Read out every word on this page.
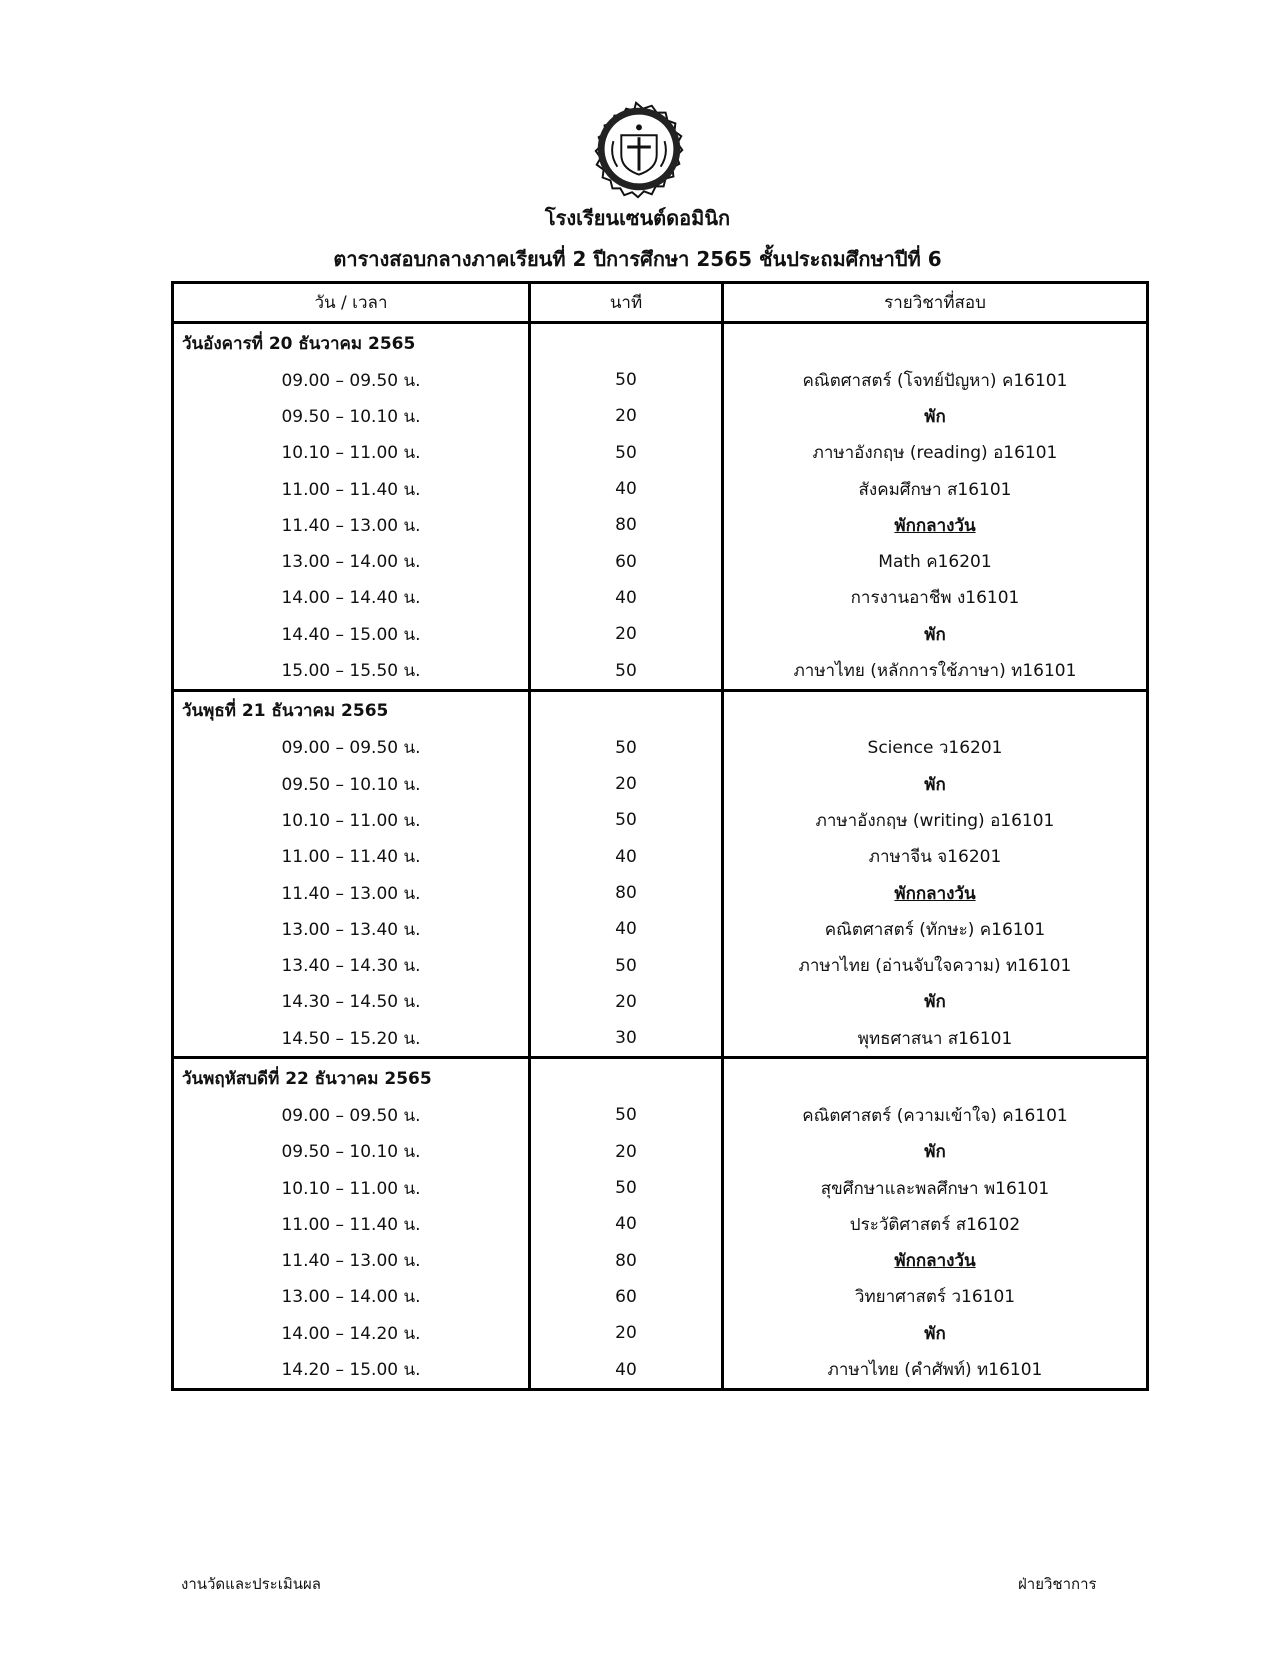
โรงเรียนเซนต์ดอมินิก
ตารางสอบกลางภาคเรียนที่ 2 ปีการศึกษา 2565 ชั้นประถมศึกษาปีที่ 6
วัน / เวลา	นาที	รายวิชาที่สอบ
วันอังคารที่ 20 ธันวาคม 2565		
09.00 – 09.50 น.	50	คณิตศาสตร์ (โจทย์ปัญหา) ค16101
09.50 – 10.10 น.	20	พัก
10.10 – 11.00 น.	50	ภาษาอังกฤษ (reading) อ16101
11.00 – 11.40 น.	40	สังคมศึกษา ส16101
11.40 – 13.00 น.	80	พักกลางวัน
13.00 – 14.00 น.	60	Math ค16201
14.00 – 14.40 น.	40	การงานอาชีพ ง16101
14.40 – 15.00 น.	20	พัก
15.00 – 15.50 น.	50	ภาษาไทย (หลักการใช้ภาษา) ท16101
วันพุธที่ 21 ธันวาคม 2565		
09.00 – 09.50 น.	50	Science ว16201
09.50 – 10.10 น.	20	พัก
10.10 – 11.00 น.	50	ภาษาอังกฤษ (writing) อ16101
11.00 – 11.40 น.	40	ภาษาจีน จ16201
11.40 – 13.00 น.	80	พักกลางวัน
13.00 – 13.40 น.	40	คณิตศาสตร์ (ทักษะ) ค16101
13.40 – 14.30 น.	50	ภาษาไทย (อ่านจับใจความ) ท16101
14.30 – 14.50 น.	20	พัก
14.50 – 15.20 น.	30	พุทธศาสนา ส16101
วันพฤหัสบดีที่ 22 ธันวาคม 2565		
09.00 – 09.50 น.	50	คณิตศาสตร์ (ความเข้าใจ) ค16101
09.50 – 10.10 น.	20	พัก
10.10 – 11.00 น.	50	สุขศึกษาและพลศึกษา พ16101
11.00 – 11.40 น.	40	ประวัติศาสตร์ ส16102
11.40 – 13.00 น.	80	พักกลางวัน
13.00 – 14.00 น.	60	วิทยาศาสตร์ ว16101
14.00 – 14.20 น.	20	พัก
14.20 – 15.00 น.	40	ภาษาไทย (คำศัพท์) ท16101
งานวัดและประเมินผล	ฝ่ายวิชาการ
